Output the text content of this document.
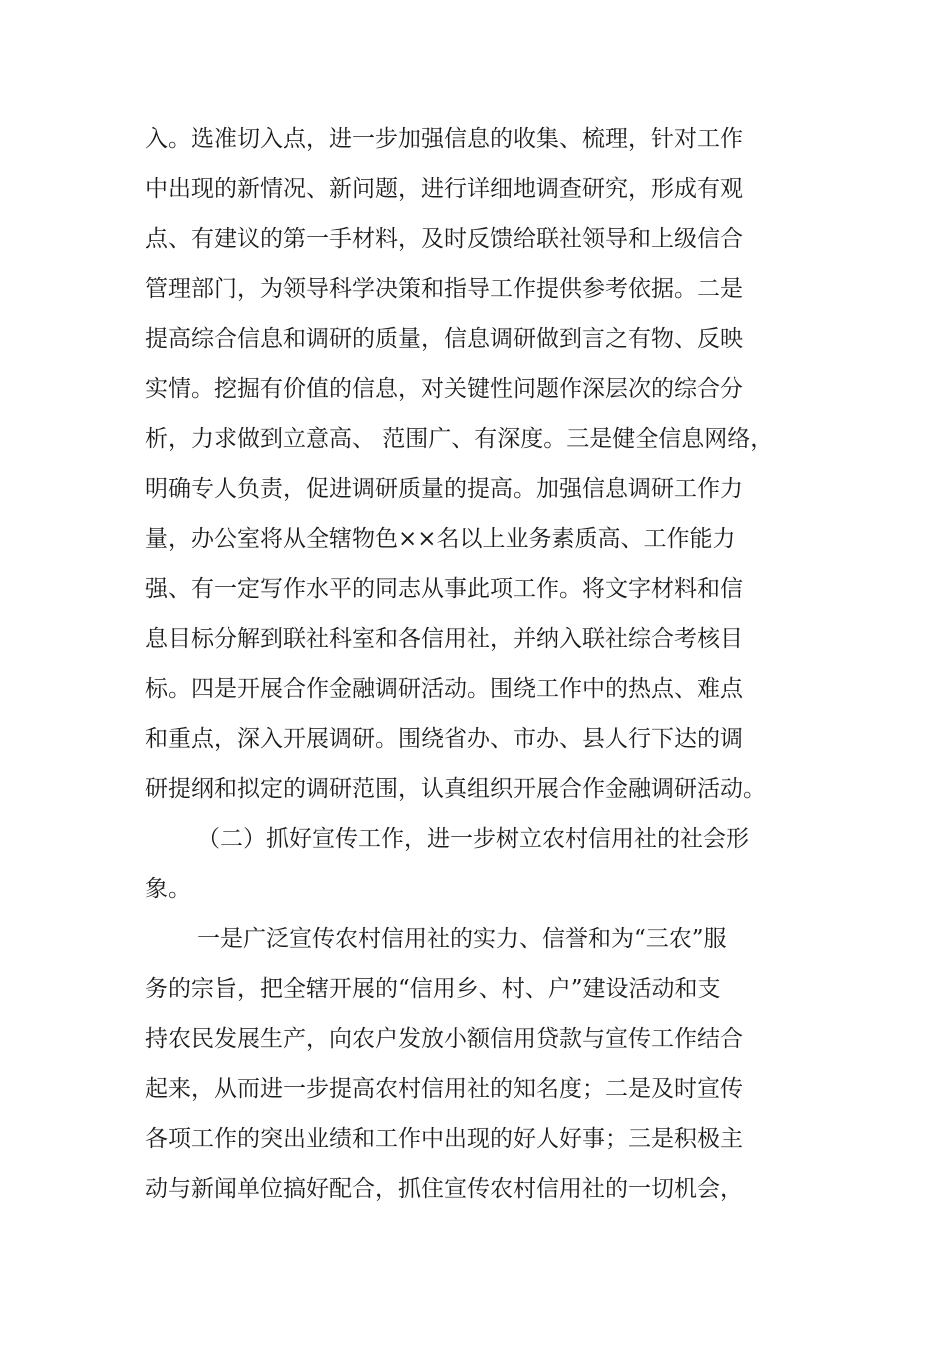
入。选准切入点，进一步加强信息的收集、梳理，针对工作
中出现的新情况、新问题，进行详细地调查研究，形成有观
点、有建议的第一手材料，及时反馈给联社领导和上级信合
管理部门，为领导科学决策和指导工作提供参考依据。二是
提高综合信息和调研的质量，信息调研做到言之有物、反映
实情。挖掘有价值的信息，对关键性问题作深层次的综合分
析，力求做到立意高、 范围广、有深度。三是健全信息网络，
明确专人负责，促进调研质量的提高。加强信息调研工作力
量，办公室将从全辖物色××名以上业务素质高、工作能力
强、有一定写作水平的同志从事此项工作。将文字材料和信
息目标分解到联社科室和各信用社，并纳入联社综合考核目
标。四是开展合作金融调研活动。围绕工作中的热点、难点
和重点，深入开展调研。围绕省办、市办、县人行下达的调
研提纲和拟定的调研范围，认真组织开展合作金融调研活动。
（二）抓好宣传工作，进一步树立农村信用社的社会形
象。
一是广泛宣传农村信用社的实力、信誉和为“三农”服
务的宗旨，把全辖开展的“信用乡、村、户”建设活动和支
持农民发展生产，向农户发放小额信用贷款与宣传工作结合
起来，从而进一步提高农村信用社的知名度；二是及时宣传
各项工作的突出业绩和工作中出现的好人好事；三是积极主
动与新闻单位搞好配合，抓住宣传农村信用社的一切机会，
